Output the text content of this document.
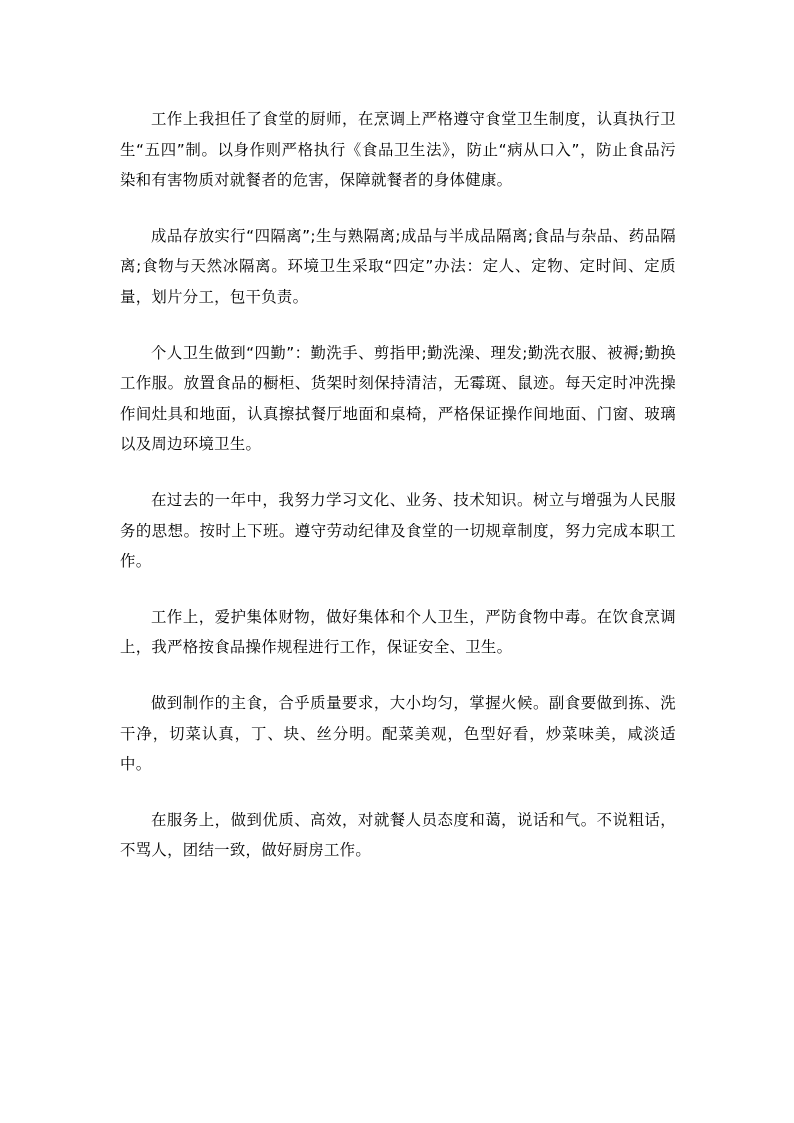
工作上我担任了食堂的厨师，在烹调上严格遵守食堂卫生制度，认真执行卫生“五四”制。以身作则严格执行《食品卫生法》，防止“病从口入”，防止食品污染和有害物质对就餐者的危害，保障就餐者的身体健康。

成品存放实行“四隔离”;生与熟隔离;成品与半成品隔离;食品与杂品、药品隔离;食物与天然冰隔离。环境卫生采取“四定”办法：定人、定物、定时间、定质量，划片分工，包干负责。

个人卫生做到“四勤”：勤洗手、剪指甲;勤洗澡、理发;勤洗衣服、被褥;勤换工作服。放置食品的橱柜、货架时刻保持清洁，无霉斑、鼠迹。每天定时冲洗操作间灶具和地面，认真擦拭餐厅地面和桌椅，严格保证操作间地面、门窗、玻璃以及周边环境卫生。

在过去的一年中，我努力学习文化、业务、技术知识。树立与增强为人民服务的思想。按时上下班。遵守劳动纪律及食堂的一切规章制度，努力完成本职工作。

工作上，爱护集体财物，做好集体和个人卫生，严防食物中毒。在饮食烹调上，我严格按食品操作规程进行工作，保证安全、卫生。

做到制作的主食，合乎质量要求，大小均匀，掌握火候。副食要做到拣、洗干净，切菜认真，丁、块、丝分明。配菜美观，色型好看，炒菜味美，咸淡适中。

在服务上，做到优质、高效，对就餐人员态度和蔼，说话和气。不说粗话，不骂人，团结一致，做好厨房工作。
